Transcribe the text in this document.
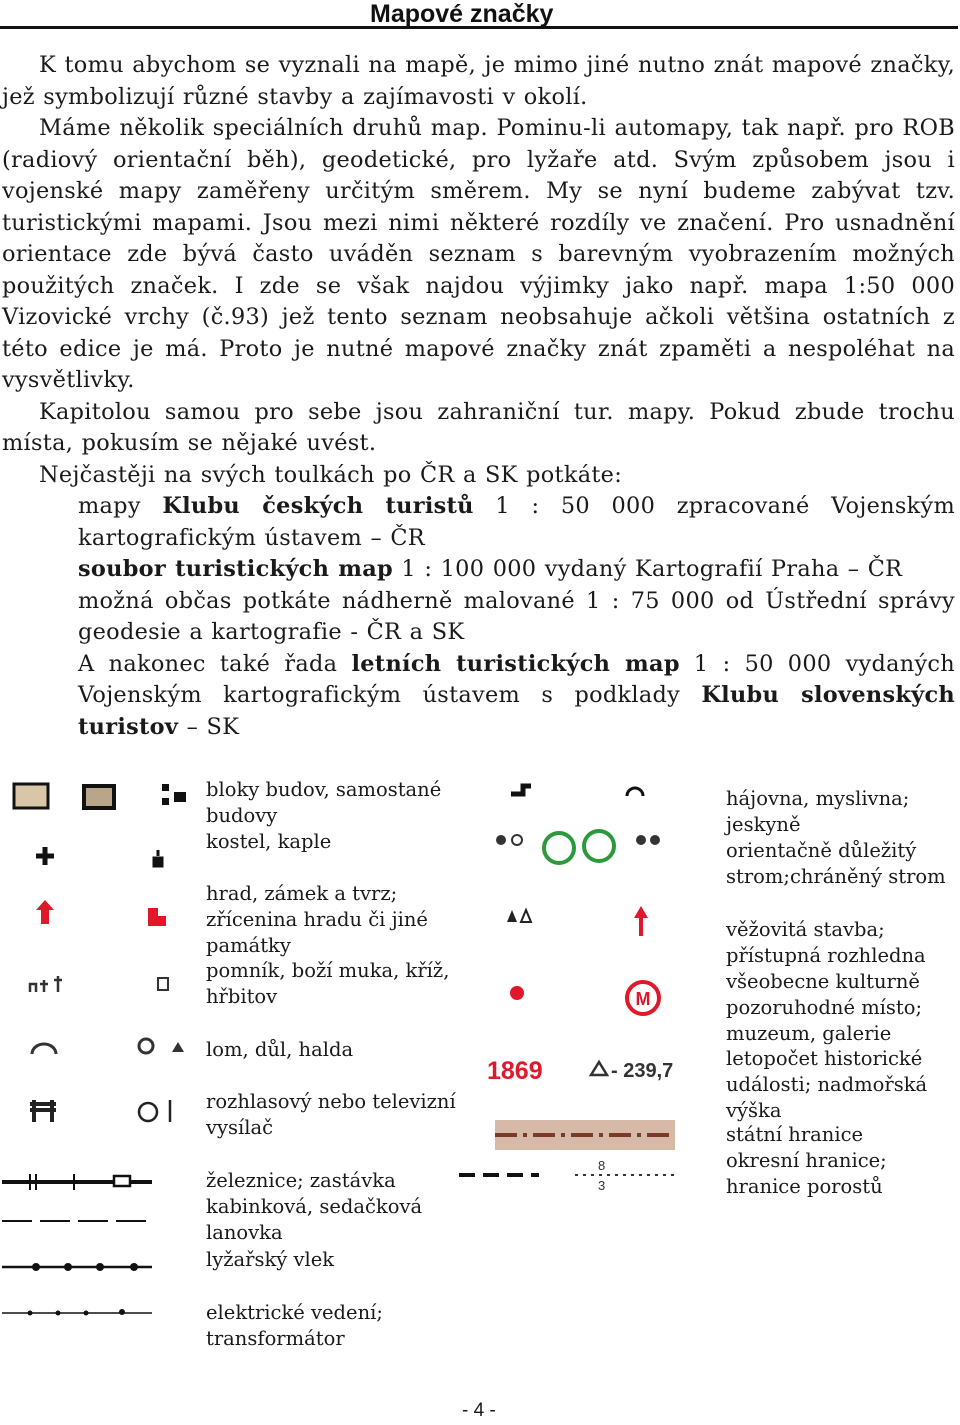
Mapové značky

K tomu abychom se vyznali na mapě, je mimo jiné nutno znát mapové značky, jež symbolizují různé stavby a zajímavosti v okolí.

Máme několik speciálních druhů map. Pominu-li automapy, tak např. pro ROB (radiový orientační běh), geodetické, pro lyžaře atd. Svým způsobem jsou i vojenské mapy zaměřeny určitým směrem. My se nyní budeme zabývat tzv. turistickými mapami. Jsou mezi nimi některé rozdíly ve značení. Pro usnadnění orientace zde bývá často uváděn seznam s barevným vyobrazením možných použitých značek. I zde se však najdou výjimky jako např. mapa 1:50 000 Vizovické vrchy (č.93) jež tento seznam neobsahuje ačkoli většina ostatních z této edice je má. Proto je nutné mapové značky znát zpaměti a nespoléhat na vysvětlivky.

Kapitolou samou pro sebe jsou zahraniční tur. mapy. Pokud zbude trochu místa, pokusím se nějaké uvést.

Nejčastěji na svých toulkách po ČR a SK potkáte:

mapy Klubu českých turistů 1 : 50 000 zpracované Vojenským kartografickým ústavem – ČR

soubor turistických map 1 : 100 000 vydaný Kartografií Praha – ČR

možná občas potkáte nádherně malované 1 : 75 000 od Ústřední správy geodesie a kartografie - ČR a SK

A nakonec také řada letních turistických map 1 : 50 000 vydaných Vojenským kartografickým ústavem s podklady Klubu slovenských turistov – SK

bloky budov, samostané budovy
kostel, kaple
hrad, zámek a tvrz; zřícenina hradu či jiné památky
pomník, boží muka, kříž, hřbitov
lom, důl, halda
rozhlasový nebo televizní vysílač
železnice; zastávka
kabinková, sedačková lanovka
lyžařský vlek
elektrické vedení; transformátor
M
1869	- 239,7
8
3
hájovna, myslivna; jeskyně
orientačně důležitý strom;chráněný strom
věžovitá stavba; přístupná rozhledna
všeobecne kulturně pozoruhodné místo; muzeum, galerie
letopočet historické události; nadmořská výška
státní hranice
okresní hranice; hranice porostů
- 4 -
